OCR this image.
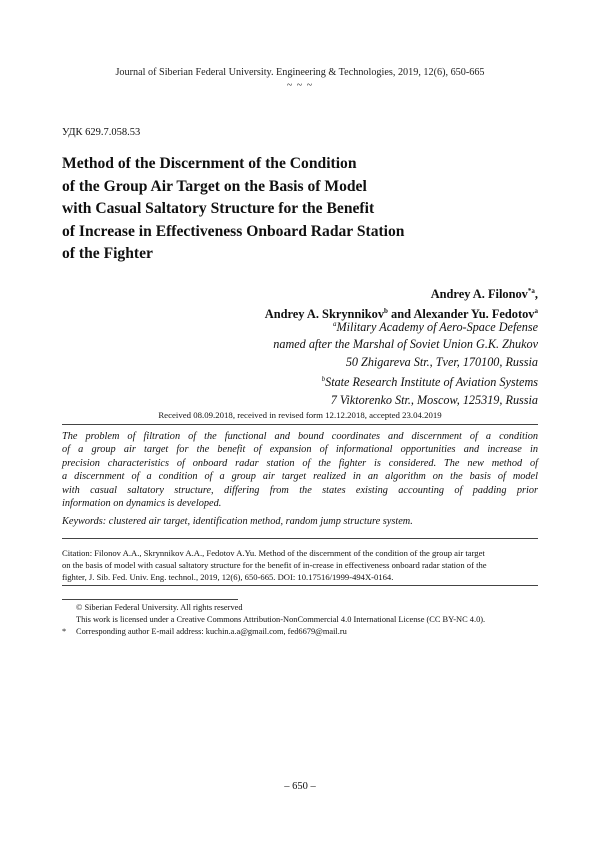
Journal of Siberian Federal University. Engineering & Technologies, 2019, 12(6), 650-665
~ ~ ~
УДК 629.7.058.53
Method of the Discernment of the Condition
of the Group Air Target on the Basis of Model
with Casual Saltatory Structure for the Benefit
of Increase in Effectiveness Onboard Radar Station
of the Fighter
Andrey A. Filonov$^{*a}$,
Andrey A. Skrynnikov$^b$ and Alexander Yu. Fedotov$^a$
$^a$Military Academy of Aero-Space Defense
named after the Marshal of Soviet Union G.K. Zhukov
50 Zhigareva Str., Tver, 170100, Russia
$^b$State Research Institute of Aviation Systems
7 Viktorenko Str., Moscow, 125319, Russia
Received 08.09.2018, received in revised form 12.12.2018, accepted 23.04.2019
The problem of filtration of the functional and bound coordinates and discernment of a condition
of a group air target for the benefit of expansion of informational opportunities and increase in
precision characteristics of onboard radar station of the fighter is considered. The new method of
a discernment of a condition of a group air target realized in an algorithm on the basis of model
with casual saltatory structure, differing from the states existing accounting of padding prior
information on dynamics is developed.
Keywords: clustered air target, identification method, random jump structure system.
Citation: Filonov A.A., Skrynnikov A.A., Fedotov A.Yu. Method of the discernment of the condition of the group air target
on the basis of model with casual saltatory structure for the benefit of in-crease in effectiveness onboard radar station of the
fighter, J. Sib. Fed. Univ. Eng. technol., 2019, 12(6), 650-665. DOI: 10.17516/1999-494X-0164.
© Siberian Federal University. All rights reserved
This work is licensed under a Creative Commons Attribution-NonCommercial 4.0 International License (CC BY-NC 4.0).
*	Corresponding author E-mail address: kuchin.a.a@gmail.com, fed6679@mail.ru
– 650 –
